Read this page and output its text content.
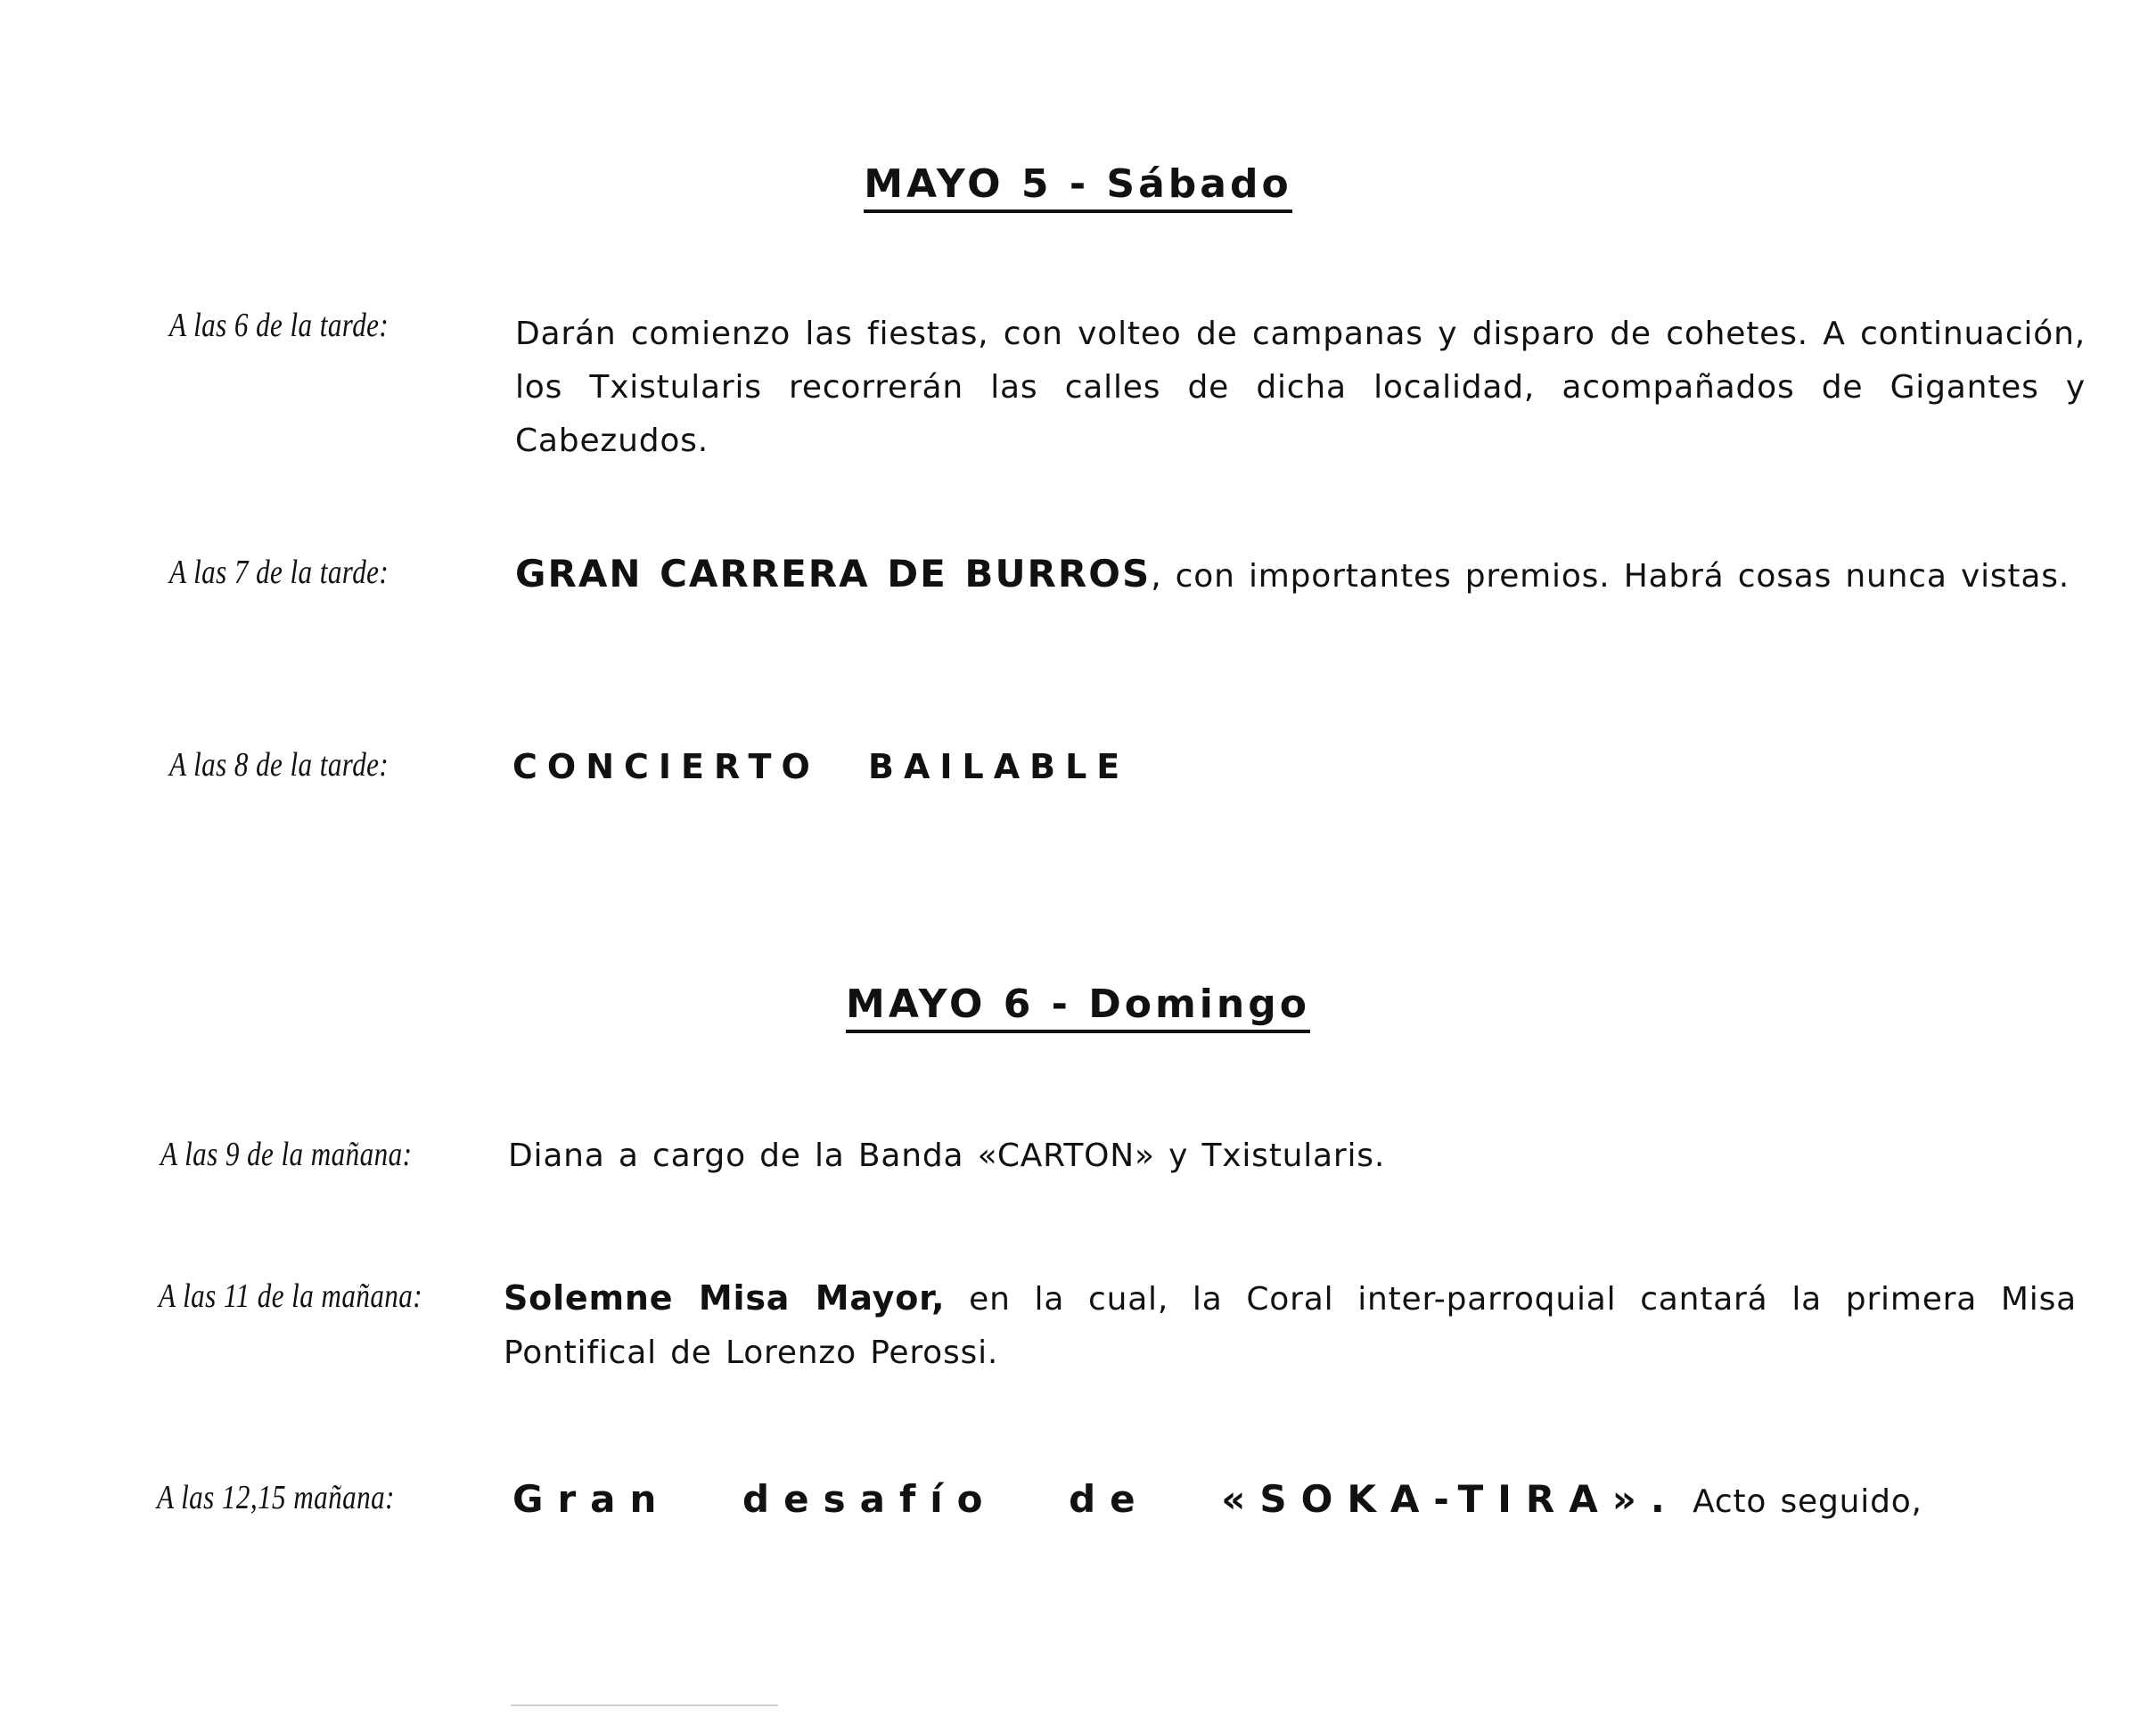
MAYO 5 - Sábado
A las 6 de la tarde:	Darán comienzo las fiestas, con volteo de campanas y disparo de cohetes. A continuación, los Txistularis recorrerán las calles de dicha localidad, acompañados de Gigantes y Cabezudos.
A las 7 de la tarde:	GRAN CARRERA DE BURROS, con importantes premios. Habrá cosas nunca vistas.
A las 8 de la tarde:	CONCIERTO BAILABLE
MAYO 6 - Domingo
A las 9 de la mañana:	Diana a cargo de la Banda «CARTON» y Txistularis.
A las 11 de la mañana: Solemne Misa Mayor, en la cual, la Coral inter-parroquial cantará la primera Misa Pontifical de Lorenzo Perossi.
A las 12,15 mañana:	Gran desafío de «SOKA-TIRA». Acto seguido,
